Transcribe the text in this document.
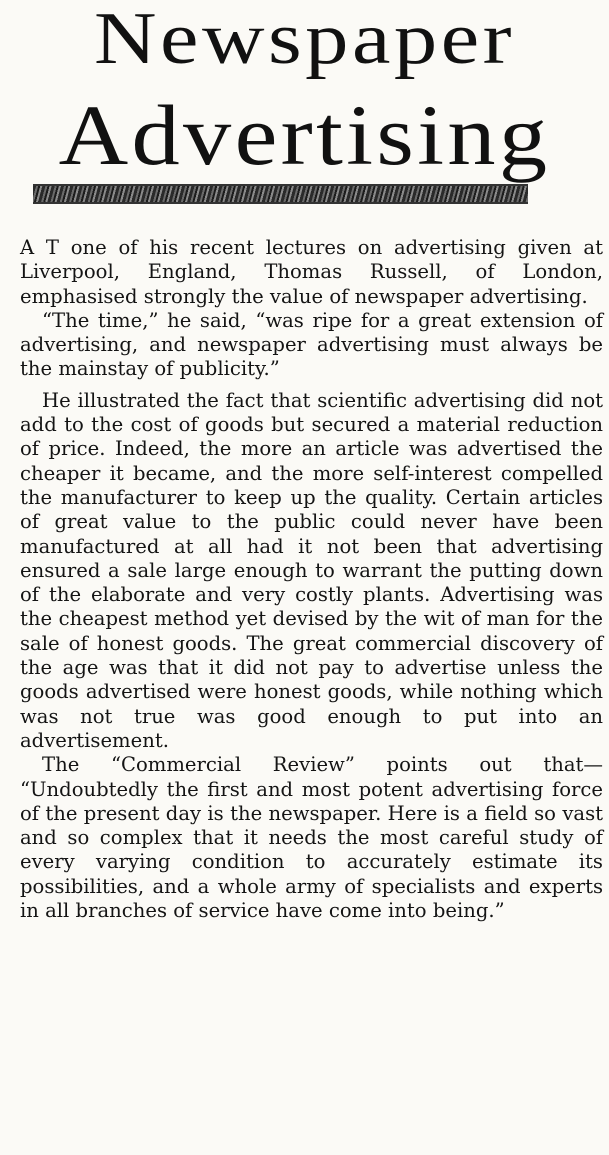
Newspaper
Advertising

A T one of his recent lectures on advertising given at Liverpool, England, Thomas Russell, of London, emphasised strongly the value of newspaper advertising.

“The time,” he said, “was ripe for a great extension of advertising, and newspaper advertising must always be the mainstay of publicity.”

He illustrated the fact that scientific advertising did not add to the cost of goods but secured a material reduction of price. Indeed, the more an article was advertised the cheaper it became, and the more self-interest compelled the manufacturer to keep up the quality. Certain articles of great value to the public could never have been manufactured at all had it not been that advertising ensured a sale large enough to warrant the putting down of the elaborate and very costly plants. Advertising was the cheapest method yet devised by the wit of man for the sale of honest goods. The great commercial discovery of the age was that it did not pay to advertise unless the goods advertised were honest goods, while nothing which was not true was good enough to put into an advertisement.

The “Commercial Review” points out that— “Undoubtedly the first and most potent advertising force of the present day is the newspaper. Here is a field so vast and so complex that it needs the most careful study of every varying condition to accurately estimate its possibilities, and a whole army of specialists and experts in all branches of service have come into being.”
